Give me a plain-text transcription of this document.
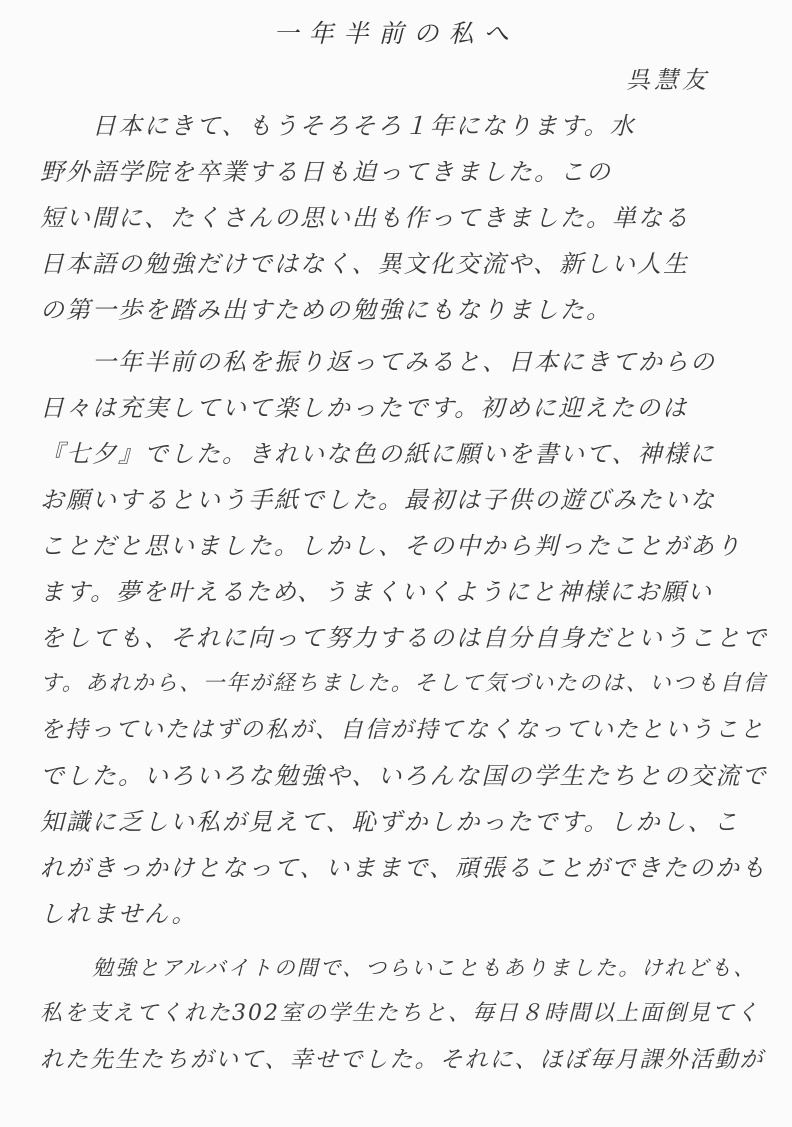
一年半前の私へ
呉慧友
日本にきて、もうそろそろ１年になります。水
野外語学院を卒業する日も迫ってきました。この
短い間に、たくさんの思い出も作ってきました。単なる
日本語の勉強だけではなく、異文化交流や、新しい人生
の第一歩を踏み出すための勉強にもなりました。
一年半前の私を振り返ってみると、日本にきてからの
日々は充実していて楽しかったです。初めに迎えたのは
『七夕』でした。きれいな色の紙に願いを書いて、神様に
お願いするという手紙でした。最初は子供の遊びみたいな
ことだと思いました。しかし、その中から判ったことがあり
ます。夢を叶えるため、うまくいくようにと神様にお願い
をしても、それに向って努力するのは自分自身だということで
す。あれから、一年が経ちました。そして気づいたのは、いつも自信
を持っていたはずの私が、自信が持てなくなっていたということ
でした。いろいろな勉強や、いろんな国の学生たちとの交流で
知識に乏しい私が見えて、恥ずかしかったです。しかし、こ
れがきっかけとなって、いままで、頑張ることができたのかも
しれません。
勉強とアルバイトの間で、つらいこともありました。けれども、
私を支えてくれた302室の学生たちと、毎日８時間以上面倒見てく
れた先生たちがいて、幸せでした。それに、ほぼ毎月課外活動が
